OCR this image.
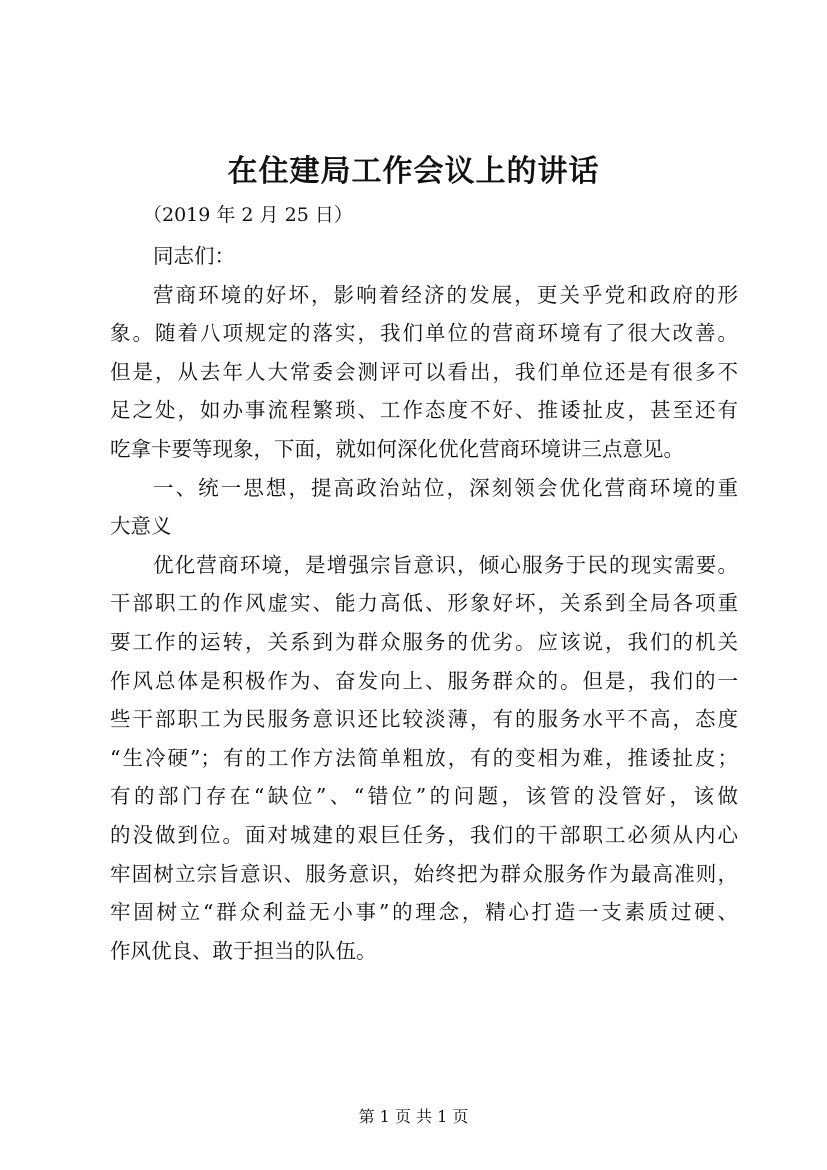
在住建局工作会议上的讲话
（2019 年 2 月 25 日）
同志们：
营商环境的好坏，影响着经济的发展，更关乎党和政府的形
象。随着八项规定的落实，我们单位的营商环境有了很大改善。
但是，从去年人大常委会测评可以看出，我们单位还是有很多不
足之处，如办事流程繁琐、工作态度不好、推诿扯皮，甚至还有
吃拿卡要等现象，下面，就如何深化优化营商环境讲三点意见。
一、统一思想，提高政治站位，深刻领会优化营商环境的重
大意义
优化营商环境，是增强宗旨意识，倾心服务于民的现实需要。
干部职工的作风虚实、能力高低、形象好坏，关系到全局各项重
要工作的运转，关系到为群众服务的优劣。应该说，我们的机关
作风总体是积极作为、奋发向上、服务群众的。但是，我们的一
些干部职工为民服务意识还比较淡薄，有的服务水平不高，态度
“生冷硬”；有的工作方法简单粗放，有的变相为难，推诿扯皮；
有的部门存在“缺位”、“错位”的问题，该管的没管好，该做
的没做到位。面对城建的艰巨任务，我们的干部职工必须从内心
牢固树立宗旨意识、服务意识，始终把为群众服务作为最高准则，
牢固树立“群众利益无小事”的理念，精心打造一支素质过硬、
作风优良、敢于担当的队伍。
第 1 页 共 1 页
